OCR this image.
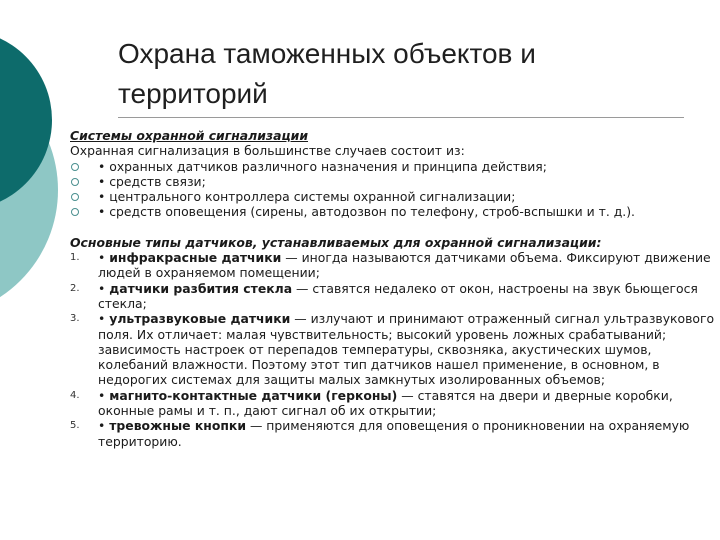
Охрана таможенных объектов и территорий
Системы охранной сигнализации
Охранная сигнализация в большинстве случаев состоит из:
• охранных датчиков различного назначения и принципа действия;
• средств связи;
• центрального контроллера системы охранной сигнализации;
• средств оповещения (сирены, автодозвон по телефону, строб-вспышки и т. д.).
Основные типы датчиков, устанавливаемых для охранной сигнализации:
1.	• инфракрасные датчики — иногда называются датчиками объема. Фиксируют движение людей в охраняемом помещении;
2.	• датчики разбития стекла — ставятся недалеко от окон, настроены на звук бьющегося стекла;
3.	• ультразвуковые датчики — излучают и принимают отраженный сигнал ультразвукового поля. Их отличает: малая чувствительность; высокий уровень ложных срабатываний; зависимость настроек от перепадов температуры, сквозняка, акустических шумов, колебаний влажности. Поэтому этот тип датчиков нашел применение, в основном, в недорогих системах для защиты малых замкнутых изолированных объемов;
4.	• магнито-контактные датчики (герконы) — ставятся на двери и дверные коробки, оконные рамы и т. п., дают сигнал об их открытии;
5.	• тревожные кнопки — применяются для оповещения о проникновении на охраняемую территорию.
